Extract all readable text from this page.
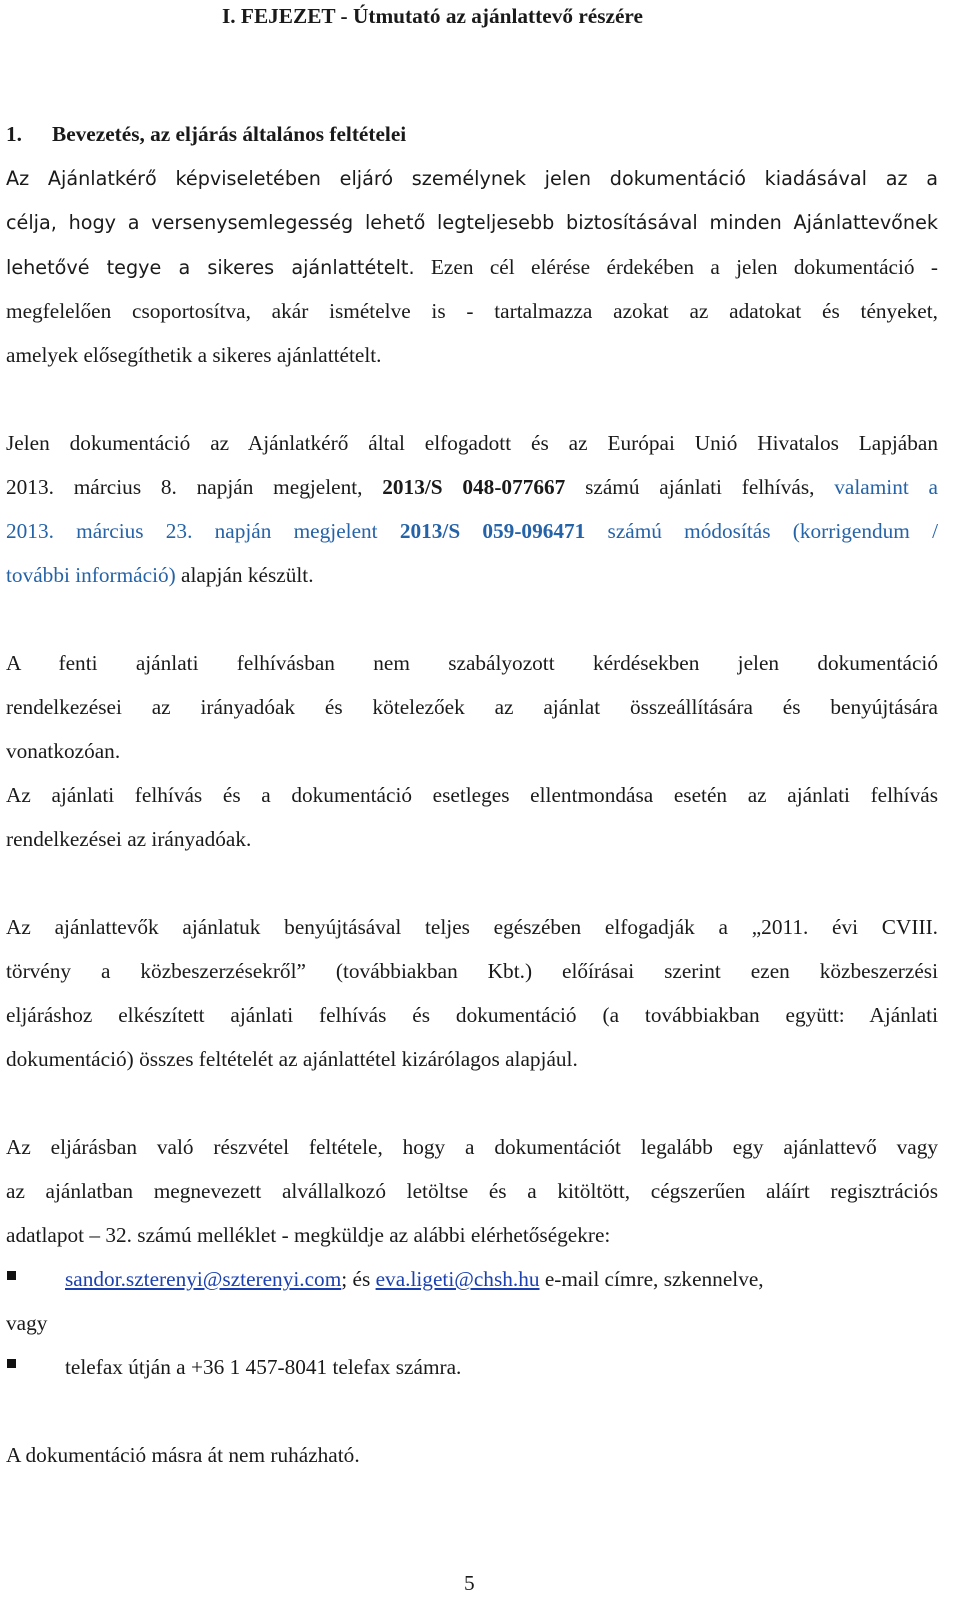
I. FEJEZET - Útmutató az ajánlattevő részére
1. Bevezetés, az eljárás általános feltételei
Az Ajánlatkérő képviseletében eljáró személynek jelen dokumentáció kiadásával az a
célja, hogy a versenysemlegesség lehető legteljesebb biztosításával minden Ajánlattevőnek
lehetővé tegye a sikeres ajánlattételt. Ezen cél elérése érdekében a jelen dokumentáció -
megfelelően csoportosítva, akár ismételve is - tartalmazza azokat az adatokat és tényeket,
amelyek elősegíthetik a sikeres ajánlattételt.
Jelen dokumentáció az Ajánlatkérő által elfogadott és az Európai Unió Hivatalos Lapjában
2013. március 8. napján megjelent, 2013/S 048-077667 számú ajánlati felhívás, valamint a
2013. március 23. napján megjelent 2013/S 059-096471 számú módosítás (korrigendum /
további információ) alapján készült.
A fenti ajánlati felhívásban nem szabályozott kérdésekben jelen dokumentáció
rendelkezései az irányadóak és kötelezőek az ajánlat összeállítására és benyújtására
vonatkozóan.
Az ajánlati felhívás és a dokumentáció esetleges ellentmondása esetén az ajánlati felhívás
rendelkezései az irányadóak.
Az ajánlattevők ajánlatuk benyújtásával teljes egészében elfogadják a „2011. évi CVIII.
törvény a közbeszerzésekről” (továbbiakban Kbt.) előírásai szerint ezen közbeszerzési
eljáráshoz elkészített ajánlati felhívás és dokumentáció (a továbbiakban együtt: Ajánlati
dokumentáció) összes feltételét az ajánlattétel kizárólagos alapjául.
Az eljárásban való részvétel feltétele, hogy a dokumentációt legalább egy ajánlattevő vagy
az ajánlatban megnevezett alvállalkozó letöltse és a kitöltött, cégszerűen aláírt regisztrációs
adatlapot – 32. számú melléklet - megküldje az alábbi elérhetőségekre:
sandor.szterenyi@szterenyi.com; és eva.ligeti@chsh.hu e-mail címre, szkennelve,
vagy
telefax útján a +36 1 457-8041 telefax számra.
A dokumentáció másra át nem ruházható.
5
